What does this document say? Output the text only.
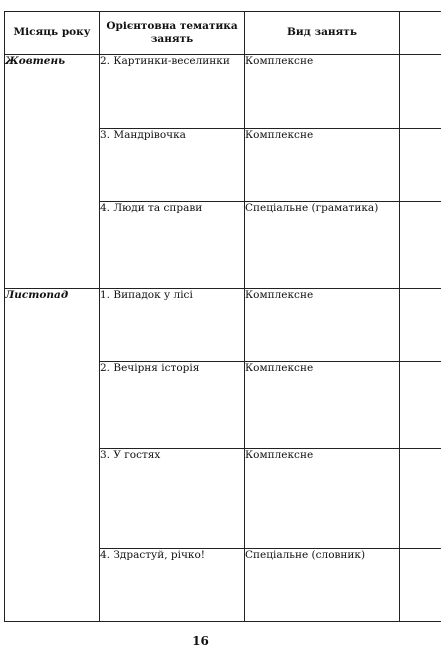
Місяць року	Орієнтовна тематика занять	Вид занять	
Жовтень	2. Картинки-веселинки	Комплексне	
	3. Мандрівочка	Комплексне	
	4. Люди та справи	Спеціальне (граматика)	
Листопад	1. Випадок у лісі	Комплексне	
	2. Вечірня історія	Комплексне	
	3. У гостях	Комплексне	
	4. Здрастуй, річко!	Спеціальне (словник)	
16
